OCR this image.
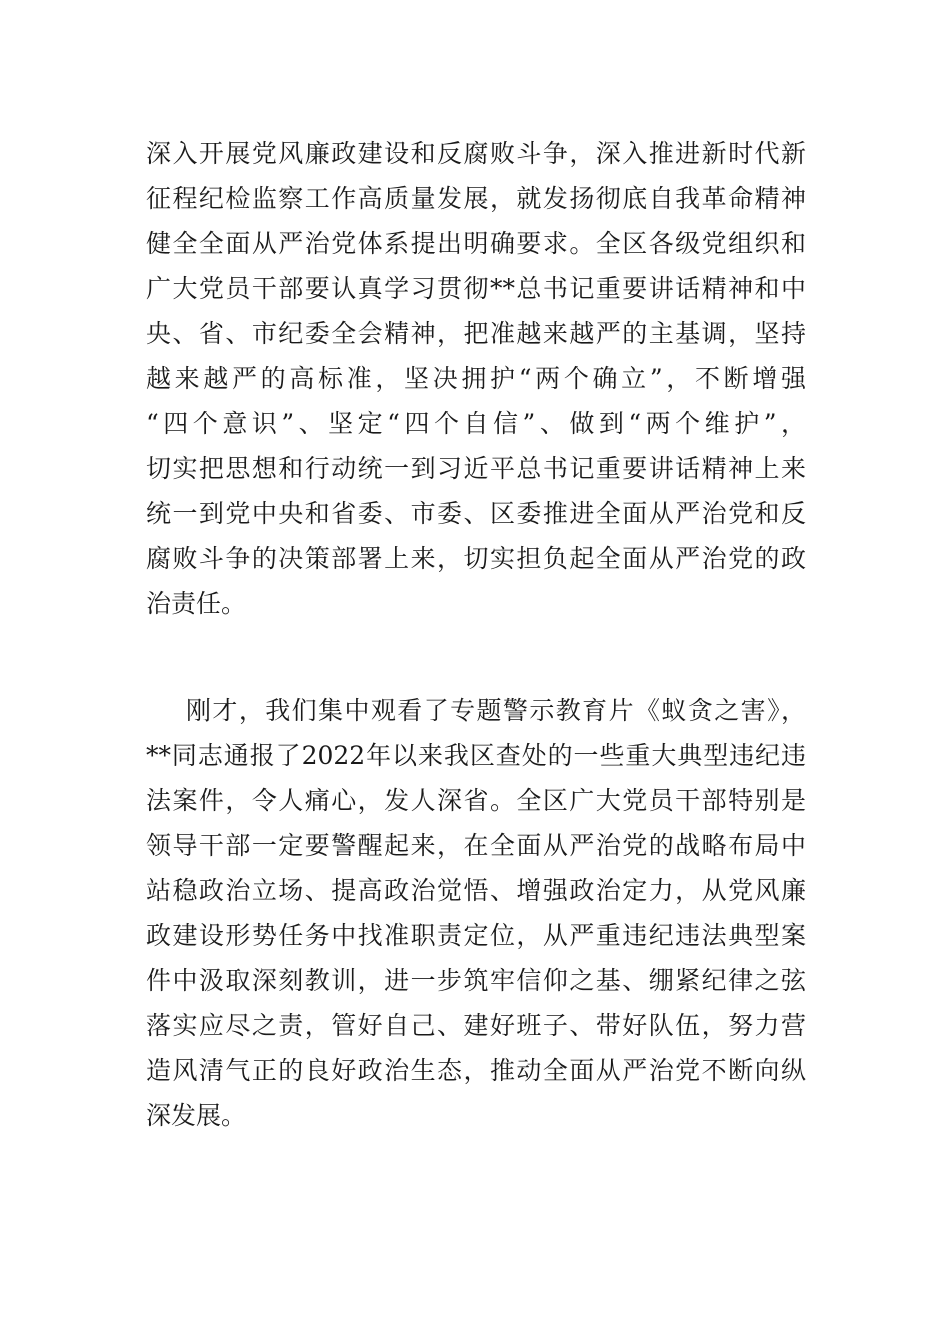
深入开展党风廉政建设和反腐败斗争，深入推进新时代新
征程纪检监察工作高质量发展，就发扬彻底自我革命精神
健全全面从严治党体系提出明确要求。全区各级党组织和
广大党员干部要认真学习贯彻**总书记重要讲话精神和中
央、省、市纪委全会精神，把准越来越严的主基调，坚持
越来越严的高标准，坚决拥护“两个确立”，不断增强
“四个意识”、坚定“四个自信”、做到“两个维护”，
切实把思想和行动统一到习近平总书记重要讲话精神上来
统一到党中央和省委、市委、区委推进全面从严治党和反
腐败斗争的决策部署上来，切实担负起全面从严治党的政
治责任。

刚才，我们集中观看了专题警示教育片《蚁贪之害》，
**同志通报了2022年以来我区查处的一些重大典型违纪违
法案件，令人痛心，发人深省。全区广大党员干部特别是
领导干部一定要警醒起来，在全面从严治党的战略布局中
站稳政治立场、提高政治觉悟、增强政治定力，从党风廉
政建设形势任务中找准职责定位，从严重违纪违法典型案
件中汲取深刻教训，进一步筑牢信仰之基、绷紧纪律之弦
落实应尽之责，管好自己、建好班子、带好队伍，努力营
造风清气正的良好政治生态，推动全面从严治党不断向纵
深发展。
